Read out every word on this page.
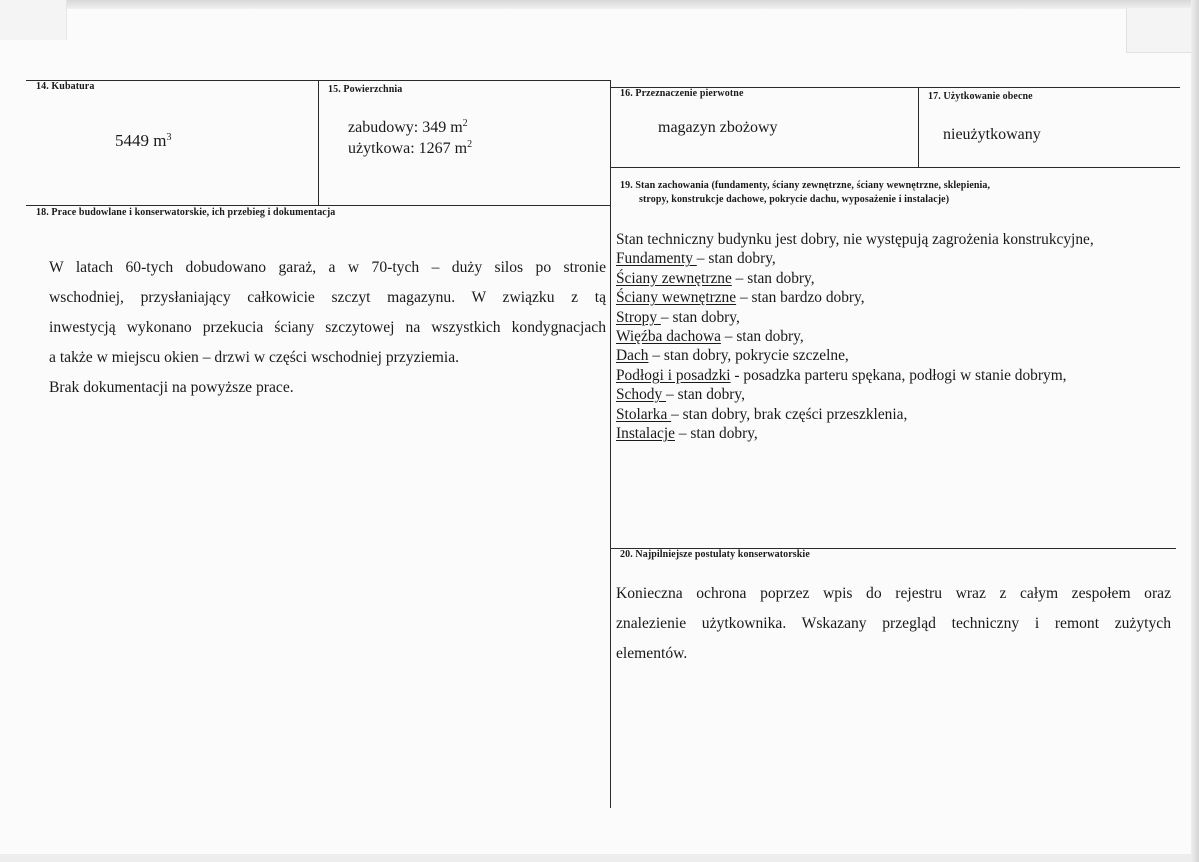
14. Kubatura
5449 $m^3$
15. Powierzchnia
zabudowy: 349 $m^2$
użytkowa: 1267 $m^2$
16. Przeznaczenie pierwotne
magazyn zbożowy
17. Użytkowanie obecne
nieużytkowany
18. Prace budowlane i konserwatorskie, ich przebieg i dokumentacja
W latach 60-tych dobudowano garaż, a w 70-tych – duży silos po stronie
wschodniej, przysłaniający całkowicie szczyt magazynu. W związku z tą
inwestycją wykonano przekucia ściany szczytowej na wszystkich kondygnacjach
a także w miejscu okien – drzwi w części wschodniej przyziemia.
Brak dokumentacji na powyższe prace.
19. Stan zachowania (fundamenty, ściany zewnętrzne, ściany wewnętrzne, sklepienia,
stropy, konstrukcje dachowe, pokrycie dachu, wyposażenie i instalacje)
Stan techniczny budynku jest dobry, nie występują zagrożenia konstrukcyjne,
Fundamenty – stan dobry,
Ściany zewnętrzne – stan dobry,
Ściany wewnętrzne – stan bardzo dobry,
Stropy – stan dobry,
Więźba dachowa – stan dobry,
Dach – stan dobry, pokrycie szczelne,
Podłogi i posadzki - posadzka parteru spękana, podłogi w stanie dobrym,
Schody – stan dobry,
Stolarka – stan dobry, brak części przeszklenia,
Instalacje – stan dobry,
20. Najpilniejsze postulaty konserwatorskie
Konieczna ochrona poprzez wpis do rejestru wraz z całym zespołem oraz
znalezienie użytkownika. Wskazany przegląd techniczny i remont zużytych
elementów.
